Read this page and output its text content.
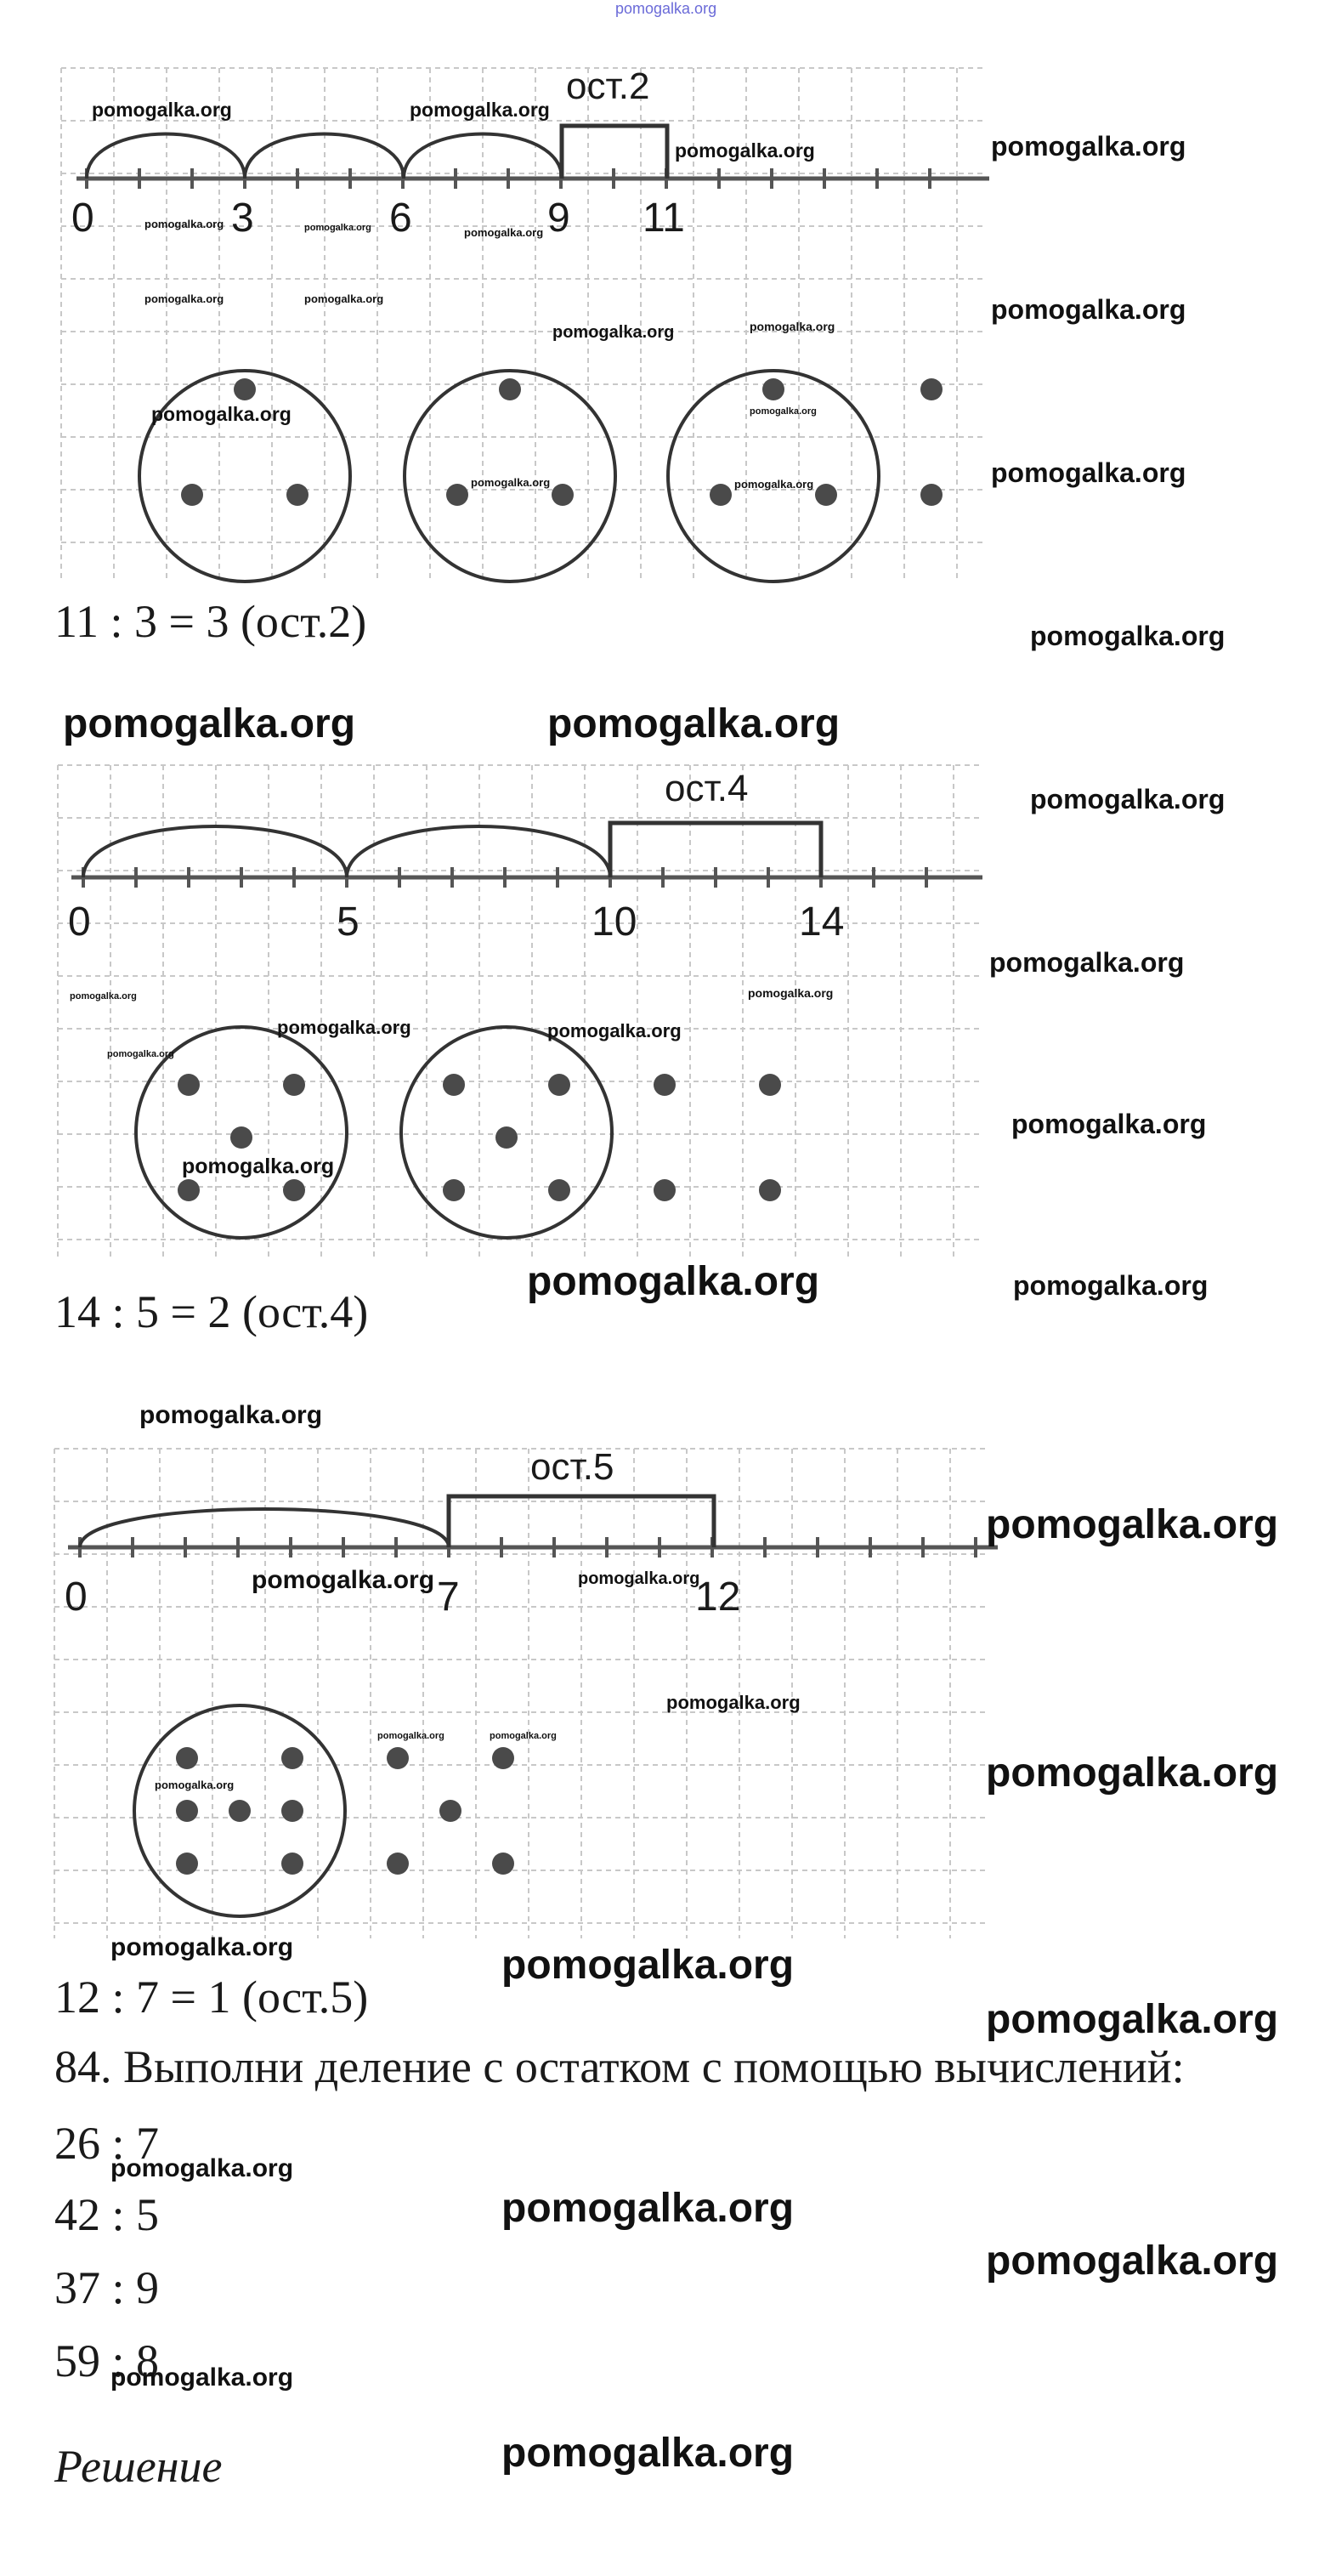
pomogalka.org
0	3	6	9 11
ост.2
11 : 3 = 3 (ост.2)
0	5	10	14
ост.4
14 : 5 = 2 (ост.4)
0	7	12
ост.5
12 : 7 = 1 (ост.5)
84. Выполни деление с остатком с помощью вычислений:
26 : 7
42 : 5
37 : 9
59 : 8
Решение
pomogalka.org	pomogalka.org
pomogalka.org	pomogalka.org
pomogalka.org	pomogalka.org	pomogalka.org
pomogalka.org	pomogalka.org	pomogalka.org
pomogalka.org	pomogalka.org
pomogalka.org	pomogalka.org
pomogalka.org	pomogalka.org	pomogalka.org
pomogalka.org
pomogalka.org	pomogalka.org
pomogalka.org
pomogalka.org
pomogalka.org	pomogalka.org
pomogalka.org	pomogalka.org
pomogalka.org
pomogalka.org
pomogalka.org
pomogalka.org	pomogalka.org
pomogalka.org
pomogalka.org
pomogalka.org	pomogalka.org
pomogalka.org
pomogalka.org	pomogalka.org
pomogalka.org
pomogalka.org
pomogalka.org	pomogalka.org
pomogalka.org
pomogalka.org
pomogalka.org
pomogalka.org
pomogalka.org
pomogalka.org
